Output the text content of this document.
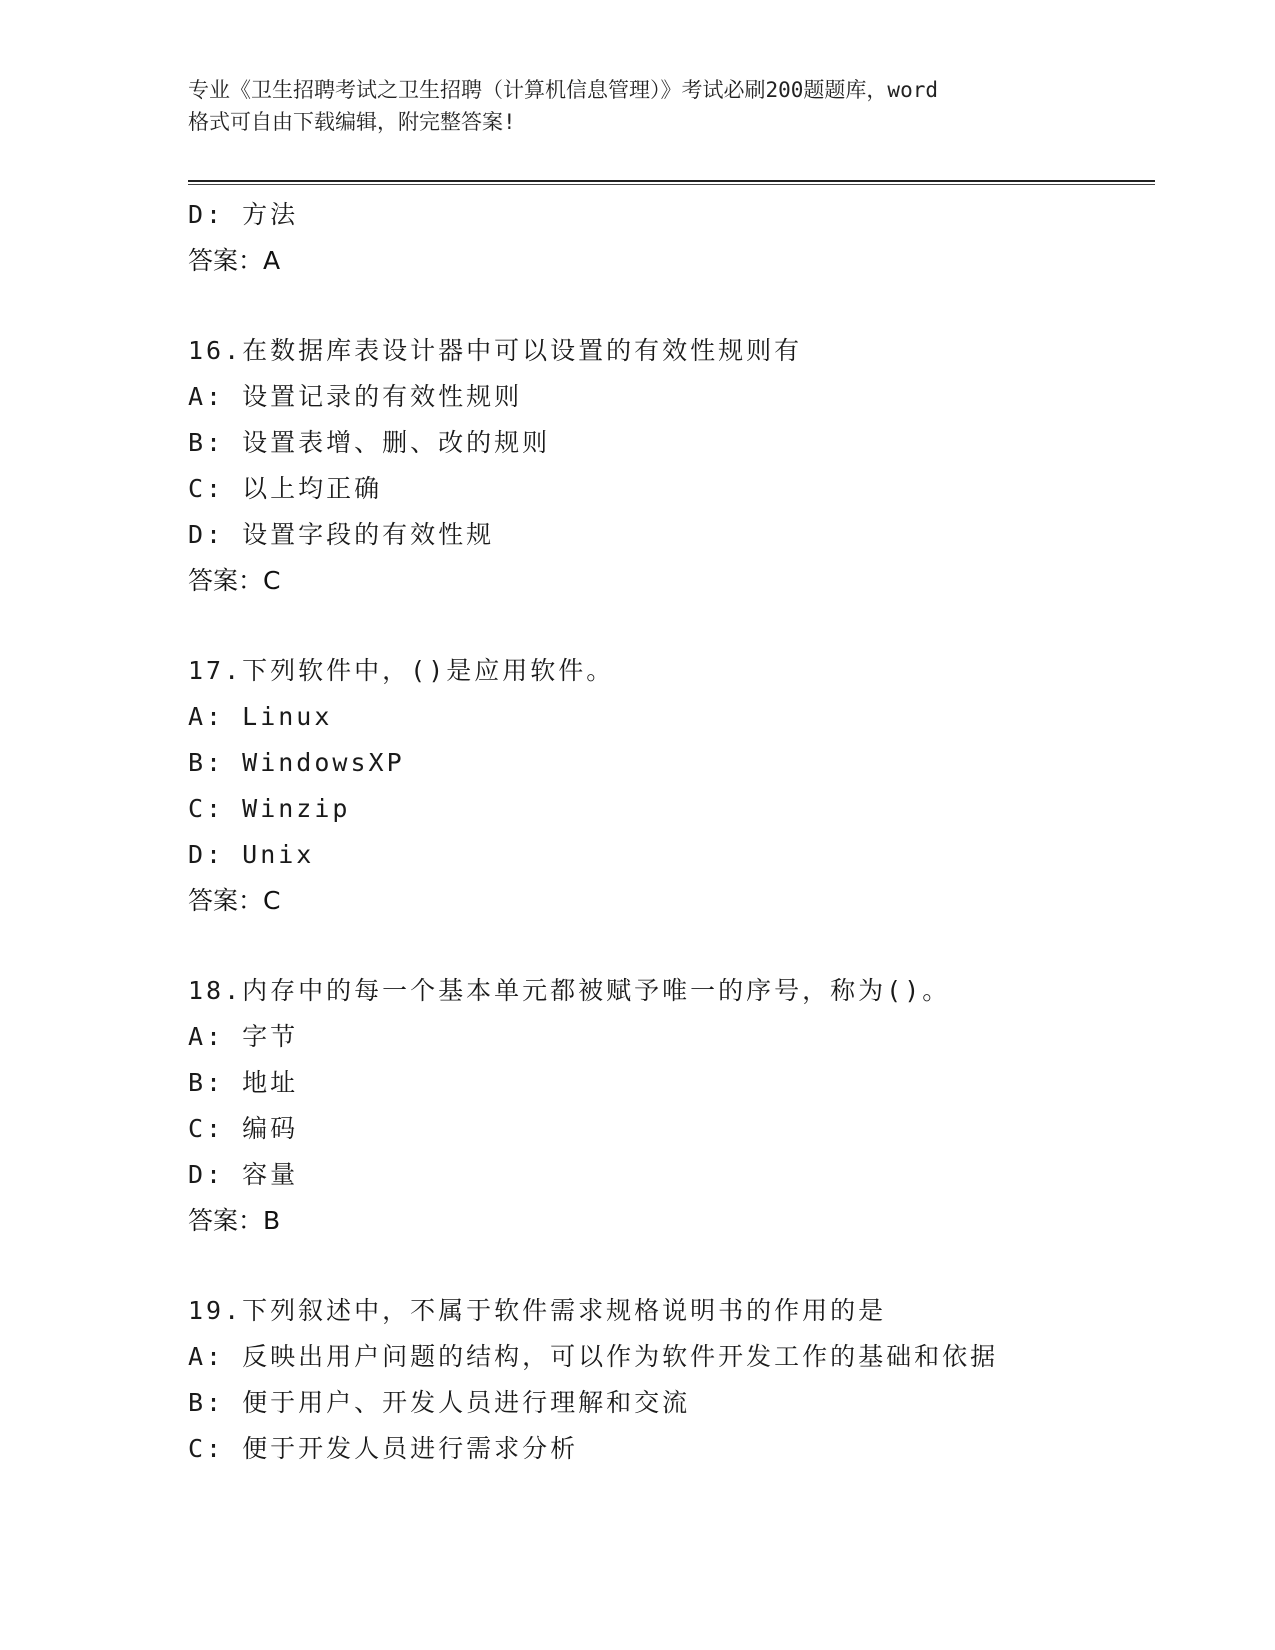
专业《卫生招聘考试之卫生招聘（计算机信息管理）》考试必刷200题题库，word
格式可自由下载编辑，附完整答案!
D: 方法
答案：A
16.在数据库表设计器中可以设置的有效性规则有
A: 设置记录的有效性规则
B: 设置表增、删、改的规则
C: 以上均正确
D: 设置字段的有效性规
答案：C
17.下列软件中，()是应用软件。
A: Linux
B: WindowsXP
C: Winzip
D: Unix
答案：C
18.内存中的每一个基本单元都被赋予唯一的序号，称为()。
A: 字节
B: 地址
C: 编码
D: 容量
答案：B
19.下列叙述中，不属于软件需求规格说明书的作用的是
A: 反映出用户问题的结构，可以作为软件开发工作的基础和依据
B: 便于用户、开发人员进行理解和交流
C: 便于开发人员进行需求分析
